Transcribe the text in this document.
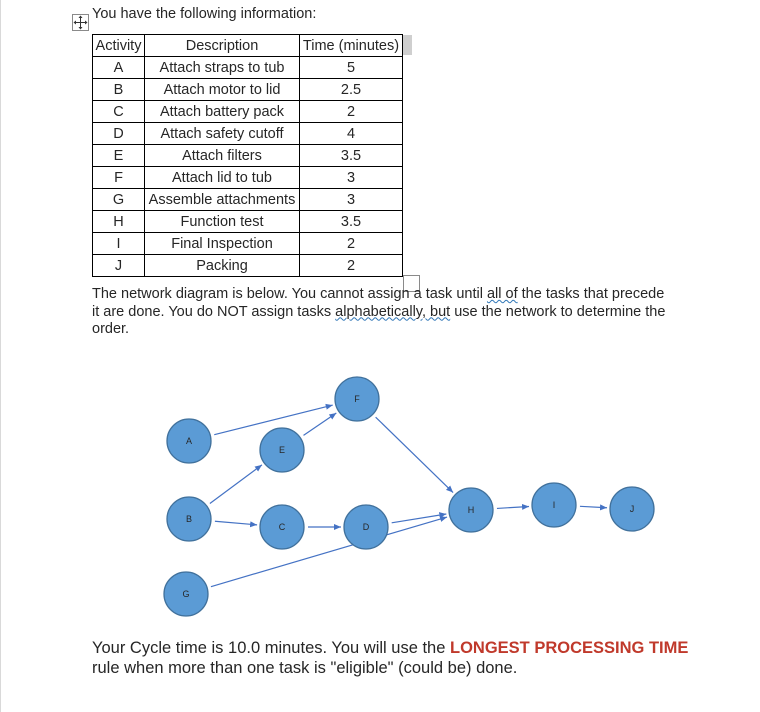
You have the following information:
Activity	Description	Time (minutes)
A	Attach straps to tub	5
B	Attach motor to lid	2.5
C	Attach battery pack	2
D	Attach safety cutoff	4
E	Attach filters	3.5
F	Attach lid to tub	3
G	Assemble attachments	3
H	Function test	3.5
I	Final Inspection	2
J	Packing	2
The network diagram is below. You cannot assign a task until all of the tasks that precede it are done. You do NOT assign tasks alphabetically, but use the network to determine the order.
A
B
C	D
E
F
G
H	I	J
Your Cycle time is 10.0 minutes. You will use the LONGEST PROCESSING TIME rule when more than one task is "eligible" (could be) done.
